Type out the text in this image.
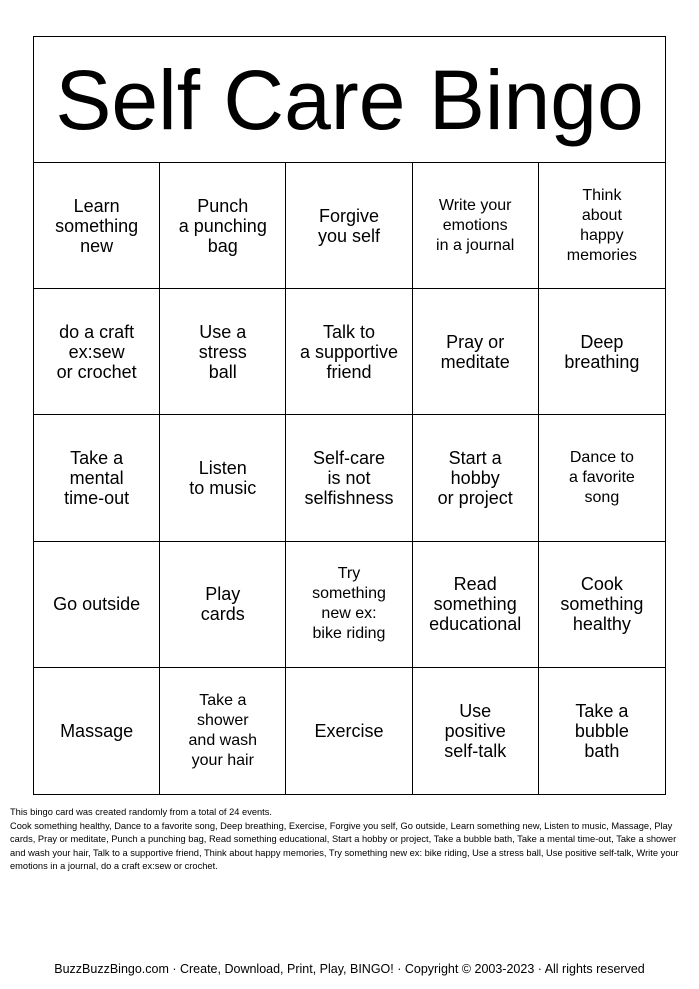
Self Care Bingo
Learn
something
new
Punch
a punching
bag
Forgive
you self
Write your
emotions
in a journal
Think
about
happy
memories
do a craft
ex:sew
or crochet
Use a
stress
ball
Talk to
a supportive
friend
Pray or
meditate
Deep
breathing
Take a
mental
time-out
Listen
to music
Self-care
is not
selfishness
Start a
hobby
or project
Dance to
a favorite
song
Go outside	Play
cards
Try
something
new ex:
bike riding
Read
something
educational
Cook
something
healthy
Massage
Take a
shower
and wash
your hair
Exercise
Use
positive
self-talk
Take a
bubble
bath

This bingo card was created randomly from a total of 24 events.

Cook something healthy, Dance to a favorite song, Deep breathing, Exercise, Forgive you self, Go outside, Learn something new, Listen to music, Massage, Play cards, Pray or meditate, Punch a punching bag, Read something educational, Start a hobby or project, Take a bubble bath, Take a mental time-out, Take a shower and wash your hair, Talk to a supportive friend, Think about happy memories, Try something new ex: bike riding, Use a stress ball, Use positive self-talk, Write your emotions in a journal, do a craft ex:sew or crochet.

BuzzBuzzBingo.com · Create, Download, Print, Play, BINGO! · Copyright © 2003-2023 · All rights reserved
